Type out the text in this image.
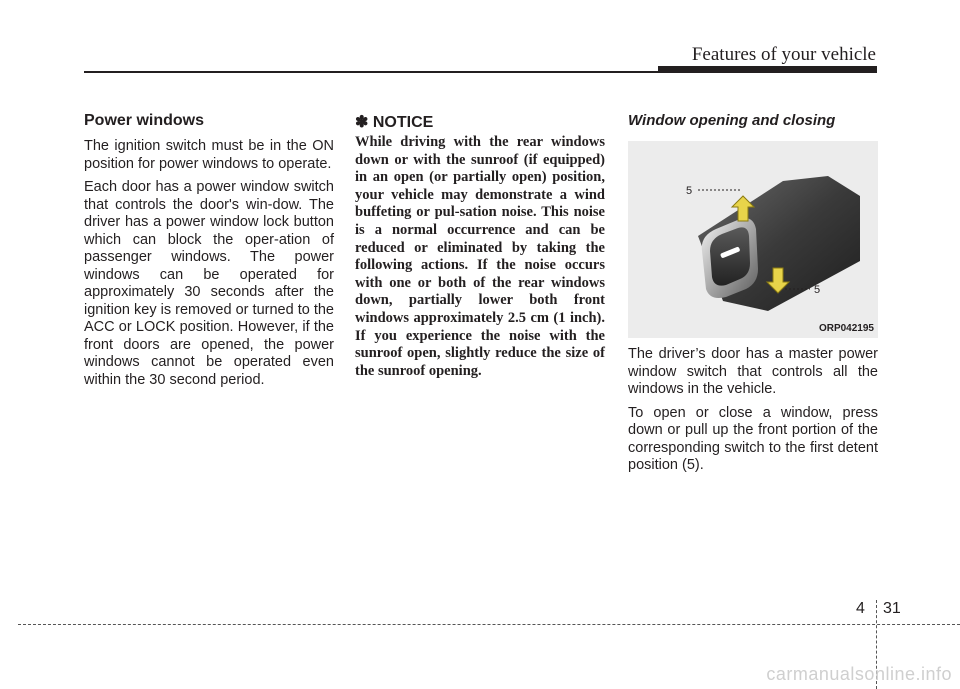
Features of your vehicle
Power windows

The ignition switch must be in the ON position for power windows to operate.

Each door has a power window switch that controls the door's win-dow. The driver has a power window lock button which can block the oper-ation of passenger windows. The power windows can be operated for approximately 30 seconds after the ignition key is removed or turned to the ACC or LOCK position. However, if the front doors are opened, the power windows cannot be operated even within the 30 second period.

✽ NOTICE

While driving with the rear windows down or with the sunroof (if equipped) in an open (or partially open) position, your vehicle may demonstrate a wind buffeting or pul-sation noise. This noise is a normal occurrence and can be reduced or eliminated by taking the following actions. If the noise occurs with one or both of the rear windows down, partially lower both front windows approximately 2.5 cm (1 inch). If you experience the noise with the sunroof open, slightly reduce the size of the sunroof opening.

Window opening and closing
5
5
ORP042195

The driver’s door has a master power window switch that controls all the windows in the vehicle.

To open or close a window, press down or pull up the front portion of the corresponding switch to the first detent position (5).

4 31
carmanualsonline.info
